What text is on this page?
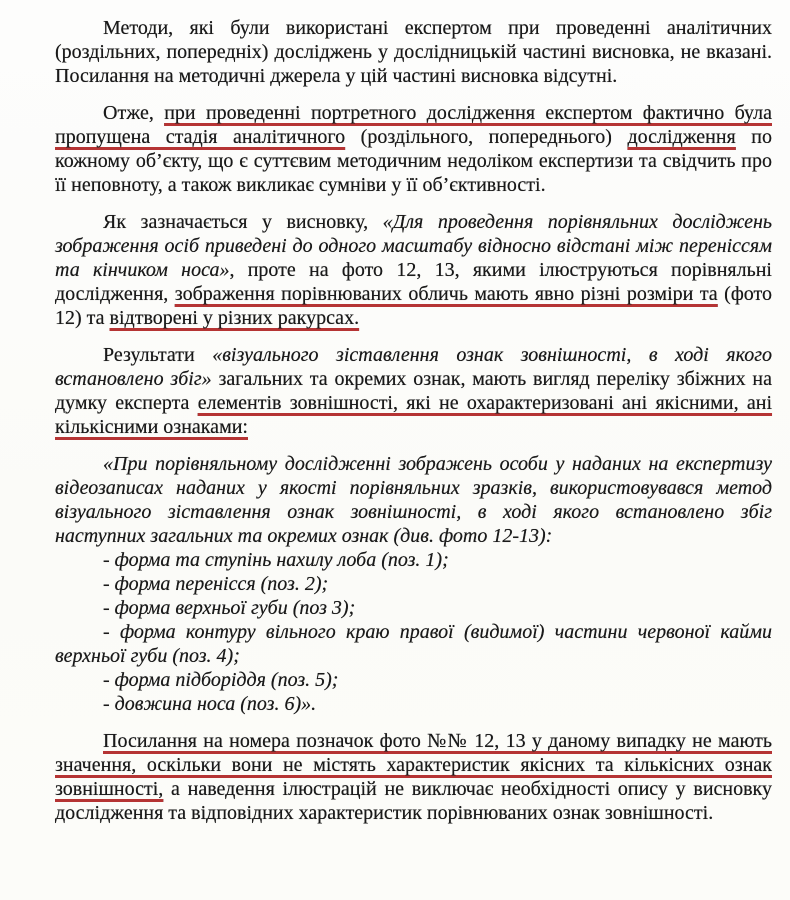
Методи, які були використані експертом при проведенні аналітичних (роздільних, попередніх) досліджень у дослідницькій частині висновка, не вказані. Посилання на методичні джерела у цій частині висновка відсутні.

Отже, при проведенні портретного дослідження експертом фактично була пропущена стадія аналітичного (роздільного, попереднього) дослідження по кожному об’єкту, що є суттєвим методичним недоліком експертизи та свідчить про її неповноту, а також викликає сумніви у її об’єктивності.

Як зазначається у висновку, «Для проведення порівняльних досліджень зображення осіб приведені до одного масштабу відносно відстані між переніссям та кінчиком носа», проте на фото 12, 13, якими ілюструються порівняльні дослідження, зображення порівнюваних обличь мають явно різні розміри та (фото 12) та відтворені у різних ракурсах.

Результати «візуального зіставлення ознак зовнішності, в ході якого встановлено збіг» загальних та окремих ознак, мають вигляд переліку збіжних на думку експерта елементів зовнішності, які не охарактеризовані ані якісними, ані кількісними ознаками:

«При порівняльному дослідженні зображень особи у наданих на експертизу відеозаписах наданих у якості порівняльних зразків, використовувався метод візуального зіставлення ознак зовнішності, в ході якого встановлено збіг наступних загальних та окремих ознак (див. фото 12-13):

- форма та ступінь нахилу лоба (поз. 1);

- форма перенісся (поз. 2);

- форма верхньої губи (поз 3);

- форма контуру вільного краю правої (видимої) частини червоної кайми верхньої губи (поз. 4);

- форма підборіддя (поз. 5);

- довжина носа (поз. 6)».

Посилання на номера позначок фото №№ 12, 13 у даному випадку не мають значення, оскільки вони не містять характеристик якісних та кількісних ознак зовнішності, а наведення ілюстрацій не виключає необхідності опису у висновку дослідження та відповідних характеристик порівнюваних ознак зовнішності.
